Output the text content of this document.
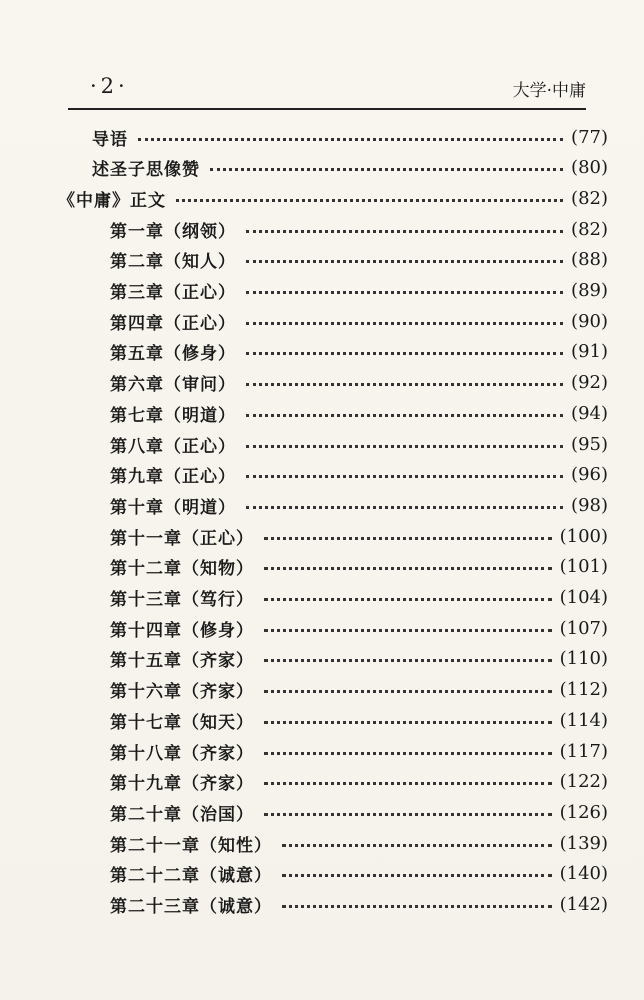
·2·	大学·中庸
导语	(77)
述圣子思像赞	(80)
《中庸》正文	(82)
第一章（纲领）	(82)
第二章（知人）	(88)
第三章（正心）	(89)
第四章（正心）	(90)
第五章（修身）	(91)
第六章（审问）	(92)
第七章（明道）	(94)
第八章（正心）	(95)
第九章（正心）	(96)
第十章（明道）	(98)
第十一章（正心）	(100)
第十二章（知物）	(101)
第十三章（笃行）	(104)
第十四章（修身）	(107)
第十五章（齐家）	(110)
第十六章（齐家）	(112)
第十七章（知天）	(114)
第十八章（齐家）	(117)
第十九章（齐家）	(122)
第二十章（治国）	(126)
第二十一章（知性）	(139)
第二十二章（诚意）	(140)
第二十三章（诚意）	(142)
